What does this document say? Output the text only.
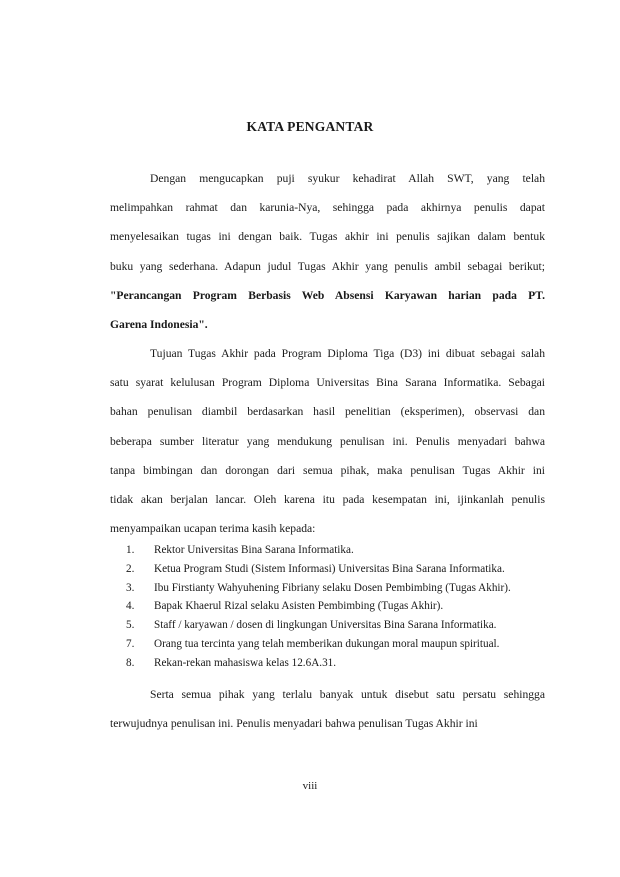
KATA PENGANTAR
Dengan mengucapkan puji syukur kehadirat Allah SWT, yang telah
melimpahkan rahmat dan karunia-Nya, sehingga pada akhirnya penulis dapat
menyelesaikan tugas ini dengan baik. Tugas akhir ini penulis sajikan dalam bentuk
buku yang sederhana. Adapun judul Tugas Akhir yang penulis ambil sebagai berikut;
"Perancangan Program Berbasis Web Absensi Karyawan harian pada PT.
Garena Indonesia".
Tujuan Tugas Akhir pada Program Diploma Tiga (D3) ini dibuat sebagai salah
satu syarat kelulusan Program Diploma Universitas Bina Sarana Informatika. Sebagai
bahan penulisan diambil berdasarkan hasil penelitian (eksperimen), observasi dan
beberapa sumber literatur yang mendukung penulisan ini. Penulis menyadari bahwa
tanpa bimbingan dan dorongan dari semua pihak, maka penulisan Tugas Akhir ini
tidak akan berjalan lancar. Oleh karena itu pada kesempatan ini, ijinkanlah penulis
menyampaikan ucapan terima kasih kepada:
1. Rektor Universitas Bina Sarana Informatika.
2. Ketua Program Studi (Sistem Informasi) Universitas Bina Sarana Informatika.
3. Ibu Firstianty Wahyuhening Fibriany selaku Dosen Pembimbing (Tugas Akhir).
4. Bapak Khaerul Rizal selaku Asisten Pembimbing (Tugas Akhir).
5. Staff / karyawan / dosen di lingkungan Universitas Bina Sarana Informatika.
7. Orang tua tercinta yang telah memberikan dukungan moral maupun spiritual.
8. Rekan-rekan mahasiswa kelas 12.6A.31.
Serta semua pihak yang terlalu banyak untuk disebut satu persatu sehingga
terwujudnya penulisan ini. Penulis menyadari bahwa penulisan Tugas Akhir ini
viii
